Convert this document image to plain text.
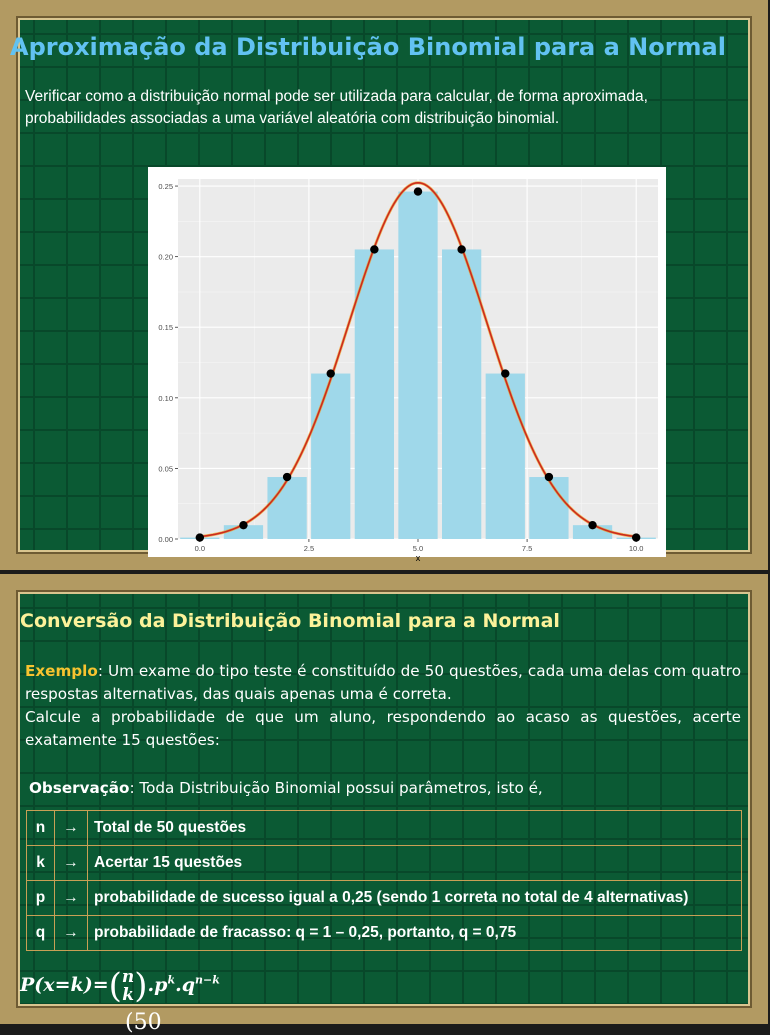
Aproximação da Distribuição Binomial para a Normal
Verificar como a distribuição normal pode ser utilizada para calcular, de forma aproximada, probabilidades associadas a uma variável aleatória com distribuição binomial.
0.00
0.05
0.10
0.15
0.20
0.25
0.0	2.5	5.0	7.5	10.0
x
Conversão da Distribuição Binomial para a Normal
Exemplo: Um exame do tipo teste é constituído de 50 questões, cada uma delas com quatro respostas alternativas, das quais apenas uma é correta.
Calcule a probabilidade de que um aluno, respondendo ao acaso as questões, acerte exatamente 15 questões:
Observação: Toda Distribuição Binomial possui parâmetros, isto é,
n	→	Total de 50 questões
k	→	Acertar 15 questões
p	→	probabilidade de sucesso igual a 0,25 (sendo 1 correta no total de 4 alternativas)
q	→	probabilidade de fracasso: q = 1 – 0,25, portanto, q = 0,75
P(x=k)=(n
$k).p^k.q^{n-k}$
(50
